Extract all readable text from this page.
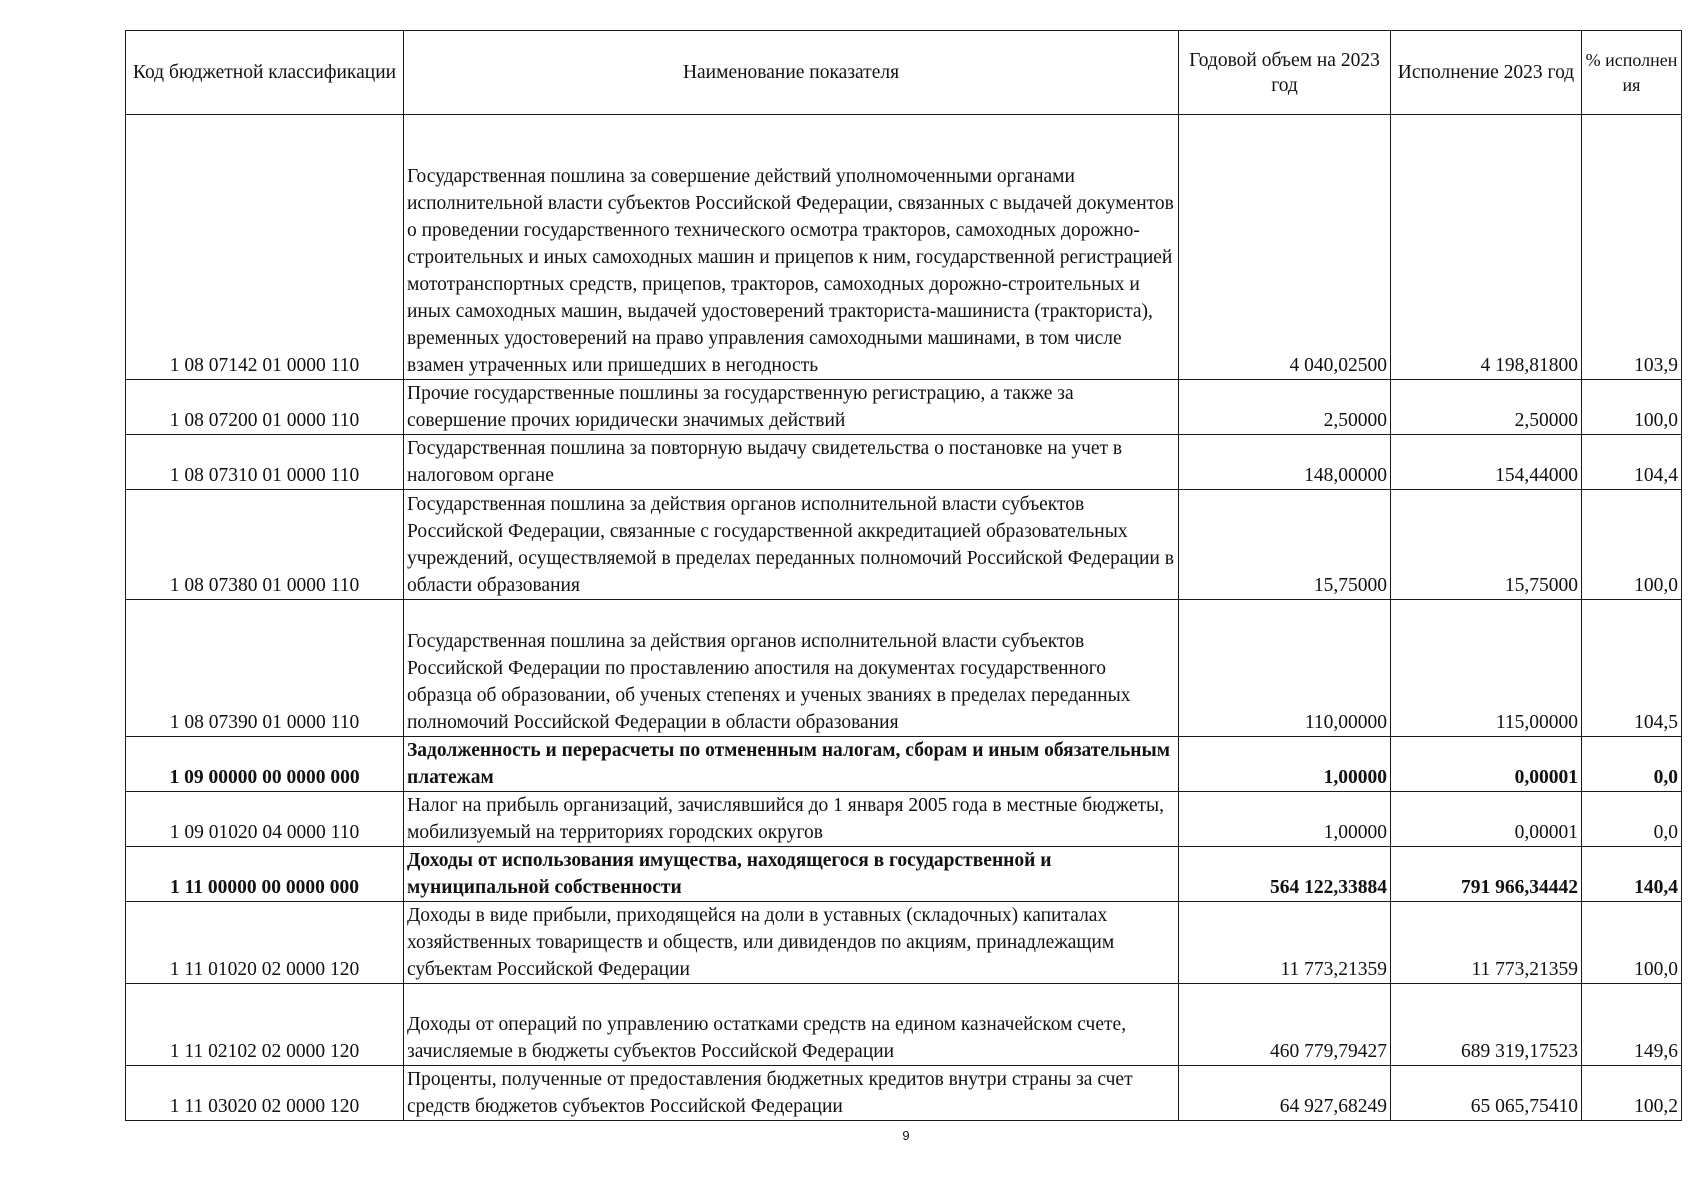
Код бюджетной классификации	Наименование показателя	Годовой объем на 2023 год	Исполнение 2023 год	% исполнения
1 08 07142 01 0000 110	Государственная пошлина за совершение действий уполномоченными органами исполнительной власти субъектов Российской Федерации, связанных с выдачей документов о проведении государственного технического осмотра тракторов, самоходных дорожно-строительных и иных самоходных машин и прицепов к ним, государственной регистрацией мототранспортных средств, прицепов, тракторов, самоходных дорожно-строительных и иных самоходных машин, выдачей удостоверений тракториста-машиниста (тракториста), временных удостоверений на право управления самоходными машинами, в том числе взамен утраченных или пришедших в негодность	4 040,02500	4 198,81800	103,9
1 08 07200 01 0000 110	Прочие государственные пошлины за государственную регистрацию, а также за совершение прочих юридически значимых действий	2,50000	2,50000	100,0
1 08 07310 01 0000 110	Государственная пошлина за повторную выдачу свидетельства о постановке на учет в налоговом органе	148,00000	154,44000	104,4
1 08 07380 01 0000 110	Государственная пошлина за действия органов исполнительной власти субъектов Российской Федерации, связанные с государственной аккредитацией образовательных учреждений, осуществляемой в пределах переданных полномочий Российской Федерации в области образования	15,75000	15,75000	100,0
1 08 07390 01 0000 110	Государственная пошлина за действия органов исполнительной власти субъектов Российской Федерации по проставлению апостиля на документах государственного образца об образовании, об ученых степенях и ученых званиях в пределах переданных полномочий Российской Федерации в области образования	110,00000	115,00000	104,5
1 09 00000 00 0000 000	Задолженность и перерасчеты по отмененным налогам, сборам и иным обязательным платежам	1,00000	0,00001	0,0
1 09 01020 04 0000 110	Налог на прибыль организаций, зачислявшийся до 1 января 2005 года в местные бюджеты, мобилизуемый на территориях городских округов	1,00000	0,00001	0,0
1 11 00000 00 0000 000	Доходы от использования имущества, находящегося в государственной и муниципальной собственности	564 122,33884	791 966,34442	140,4
1 11 01020 02 0000 120	Доходы в виде прибыли, приходящейся на доли в уставных (складочных) капиталах хозяйственных товариществ и обществ, или дивидендов по акциям, принадлежащим субъектам Российской Федерации	11 773,21359	11 773,21359	100,0
1 11 02102 02 0000 120	Доходы от операций по управлению остатками средств на едином казначейском счете, зачисляемые в бюджеты субъектов Российской Федерации	460 779,79427	689 319,17523	149,6
1 11 03020 02 0000 120	Проценты, полученные от предоставления бюджетных кредитов внутри страны за счет средств бюджетов субъектов Российской Федерации	64 927,68249	65 065,75410	100,2
9
